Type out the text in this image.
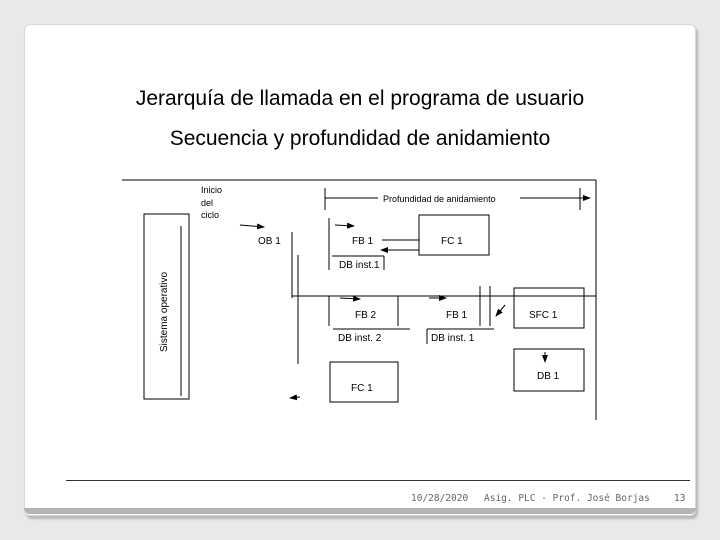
Jerarquía de llamada en el programa de usuario
Secuencia y profundidad de anidamiento
Inicio
del
ciclo
Profundidad de anidamiento
Sistema operativo
OB 1	FB 1	FC 1
DB inst.1
FB 2	FB 1	SFC 1
DB inst. 2	DB inst. 1
DB 1
FC 1
10/28/2020 Asig. PLC - Prof. José Borjas	13
